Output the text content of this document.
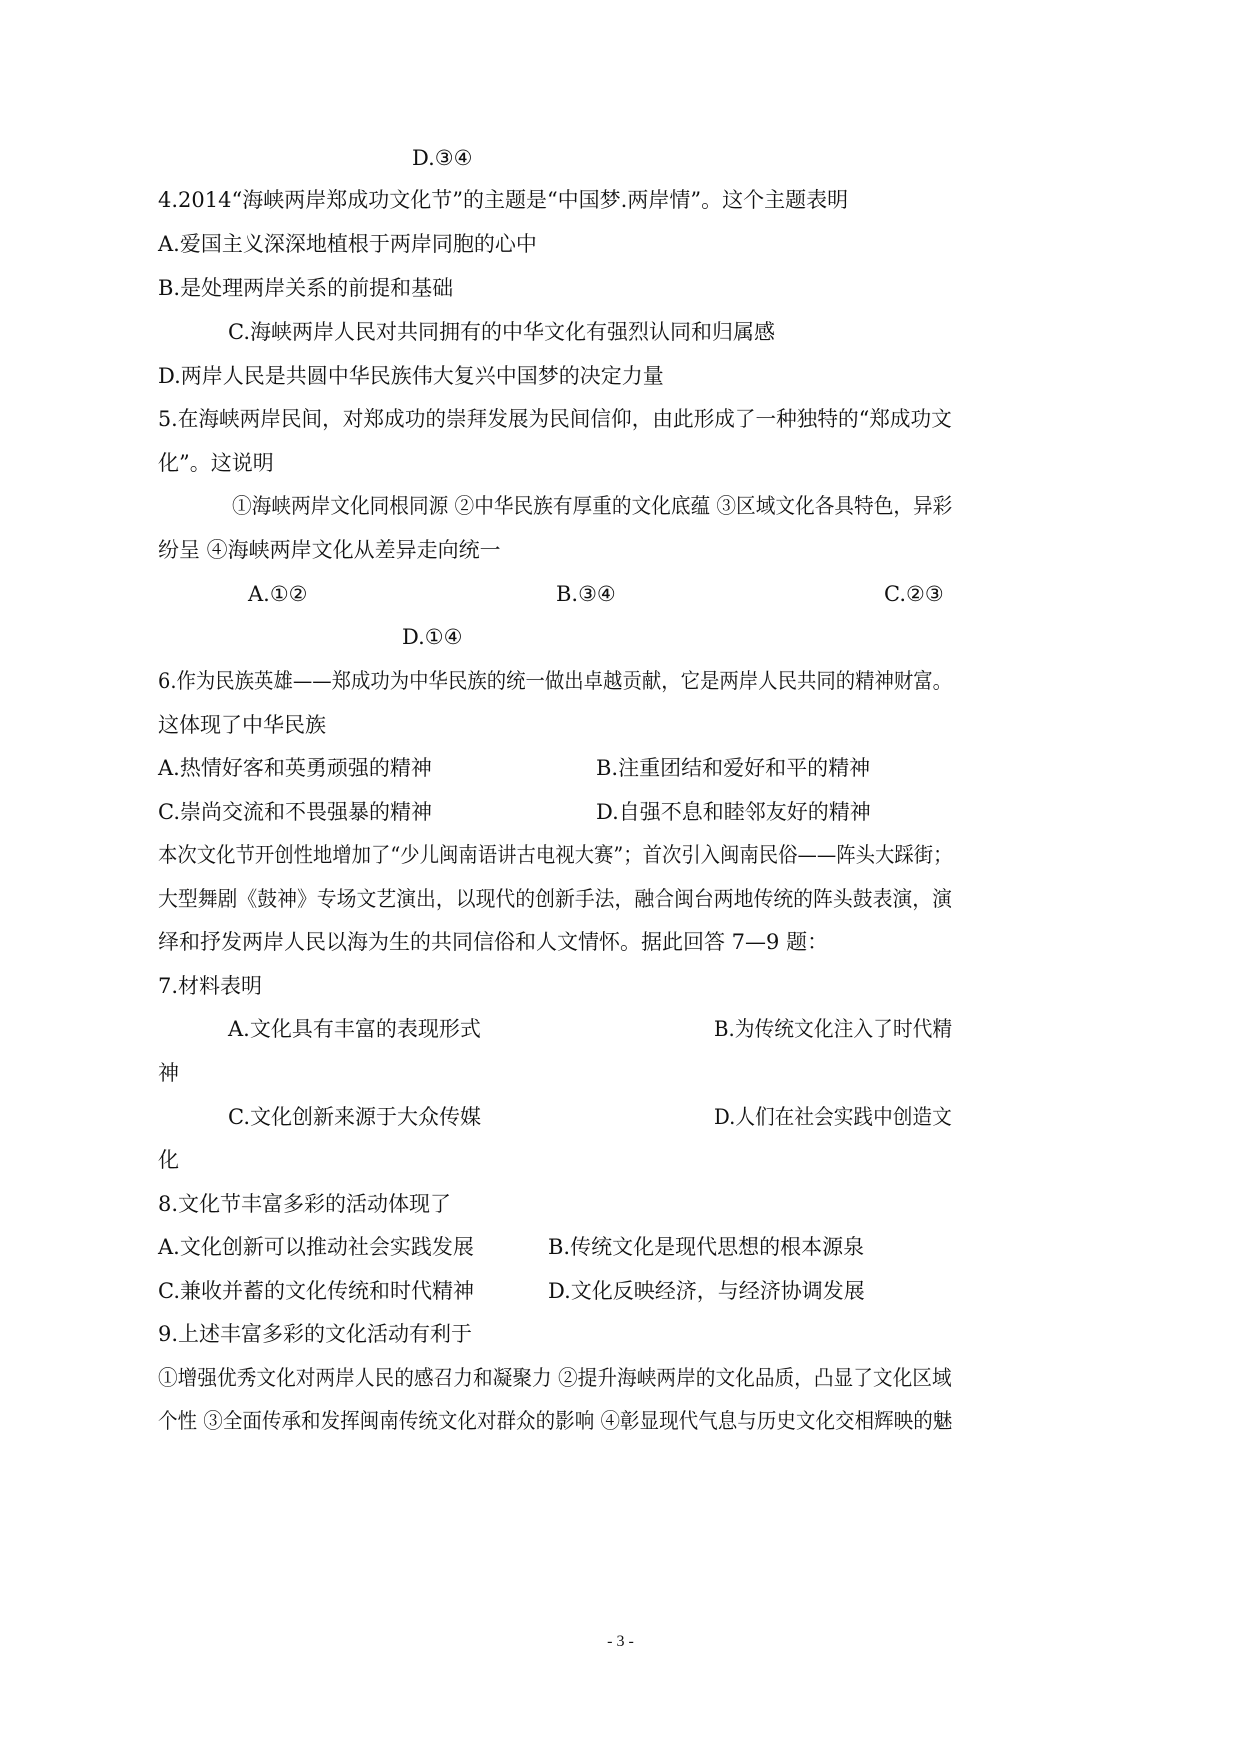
D.③④
4.2014“海峡两岸郑成功文化节”的主题是“中国梦.两岸情”。这个主题表明
A.爱国主义深深地植根于两岸同胞的心中
B.是处理两岸关系的前提和基础
C.海峡两岸人民对共同拥有的中华文化有强烈认同和归属感
D.两岸人民是共圆中华民族伟大复兴中国梦的决定力量
5.在海峡两岸民间，对郑成功的崇拜发展为民间信仰，由此形成了一种独特的“郑成功文
化”。这说明
①海峡两岸文化同根同源 ②中华民族有厚重的文化底蕴 ③区域文化各具特色，异彩
纷呈 ④海峡两岸文化从差异走向统一
A.①②	B.③④	C.②③
D.①④
6.作为民族英雄——郑成功为中华民族的统一做出卓越贡献，它是两岸人民共同的精神财富。
这体现了中华民族
A.热情好客和英勇顽强的精神	B.注重团结和爱好和平的精神
C.崇尚交流和不畏强暴的精神	D.自强不息和睦邻友好的精神
本次文化节开创性地增加了“少儿闽南语讲古电视大赛”；首次引入闽南民俗——阵头大踩街；
大型舞剧《鼓神》专场文艺演出，以现代的创新手法，融合闽台两地传统的阵头鼓表演，演
绎和抒发两岸人民以海为生的共同信俗和人文情怀。据此回答 7—9 题：
7.材料表明
A.文化具有丰富的表现形式	B.为传统文化注入了时代精
神
C.文化创新来源于大众传媒	D.人们在社会实践中创造文
化
8.文化节丰富多彩的活动体现了
A.文化创新可以推动社会实践发展	B.传统文化是现代思想的根本源泉
C.兼收并蓄的文化传统和时代精神	D.文化反映经济，与经济协调发展
9.上述丰富多彩的文化活动有利于
①增强优秀文化对两岸人民的感召力和凝聚力 ②提升海峡两岸的文化品质，凸显了文化区域
个性 ③全面传承和发挥闽南传统文化对群众的影响 ④彰显现代气息与历史文化交相辉映的魅
- 3 -
